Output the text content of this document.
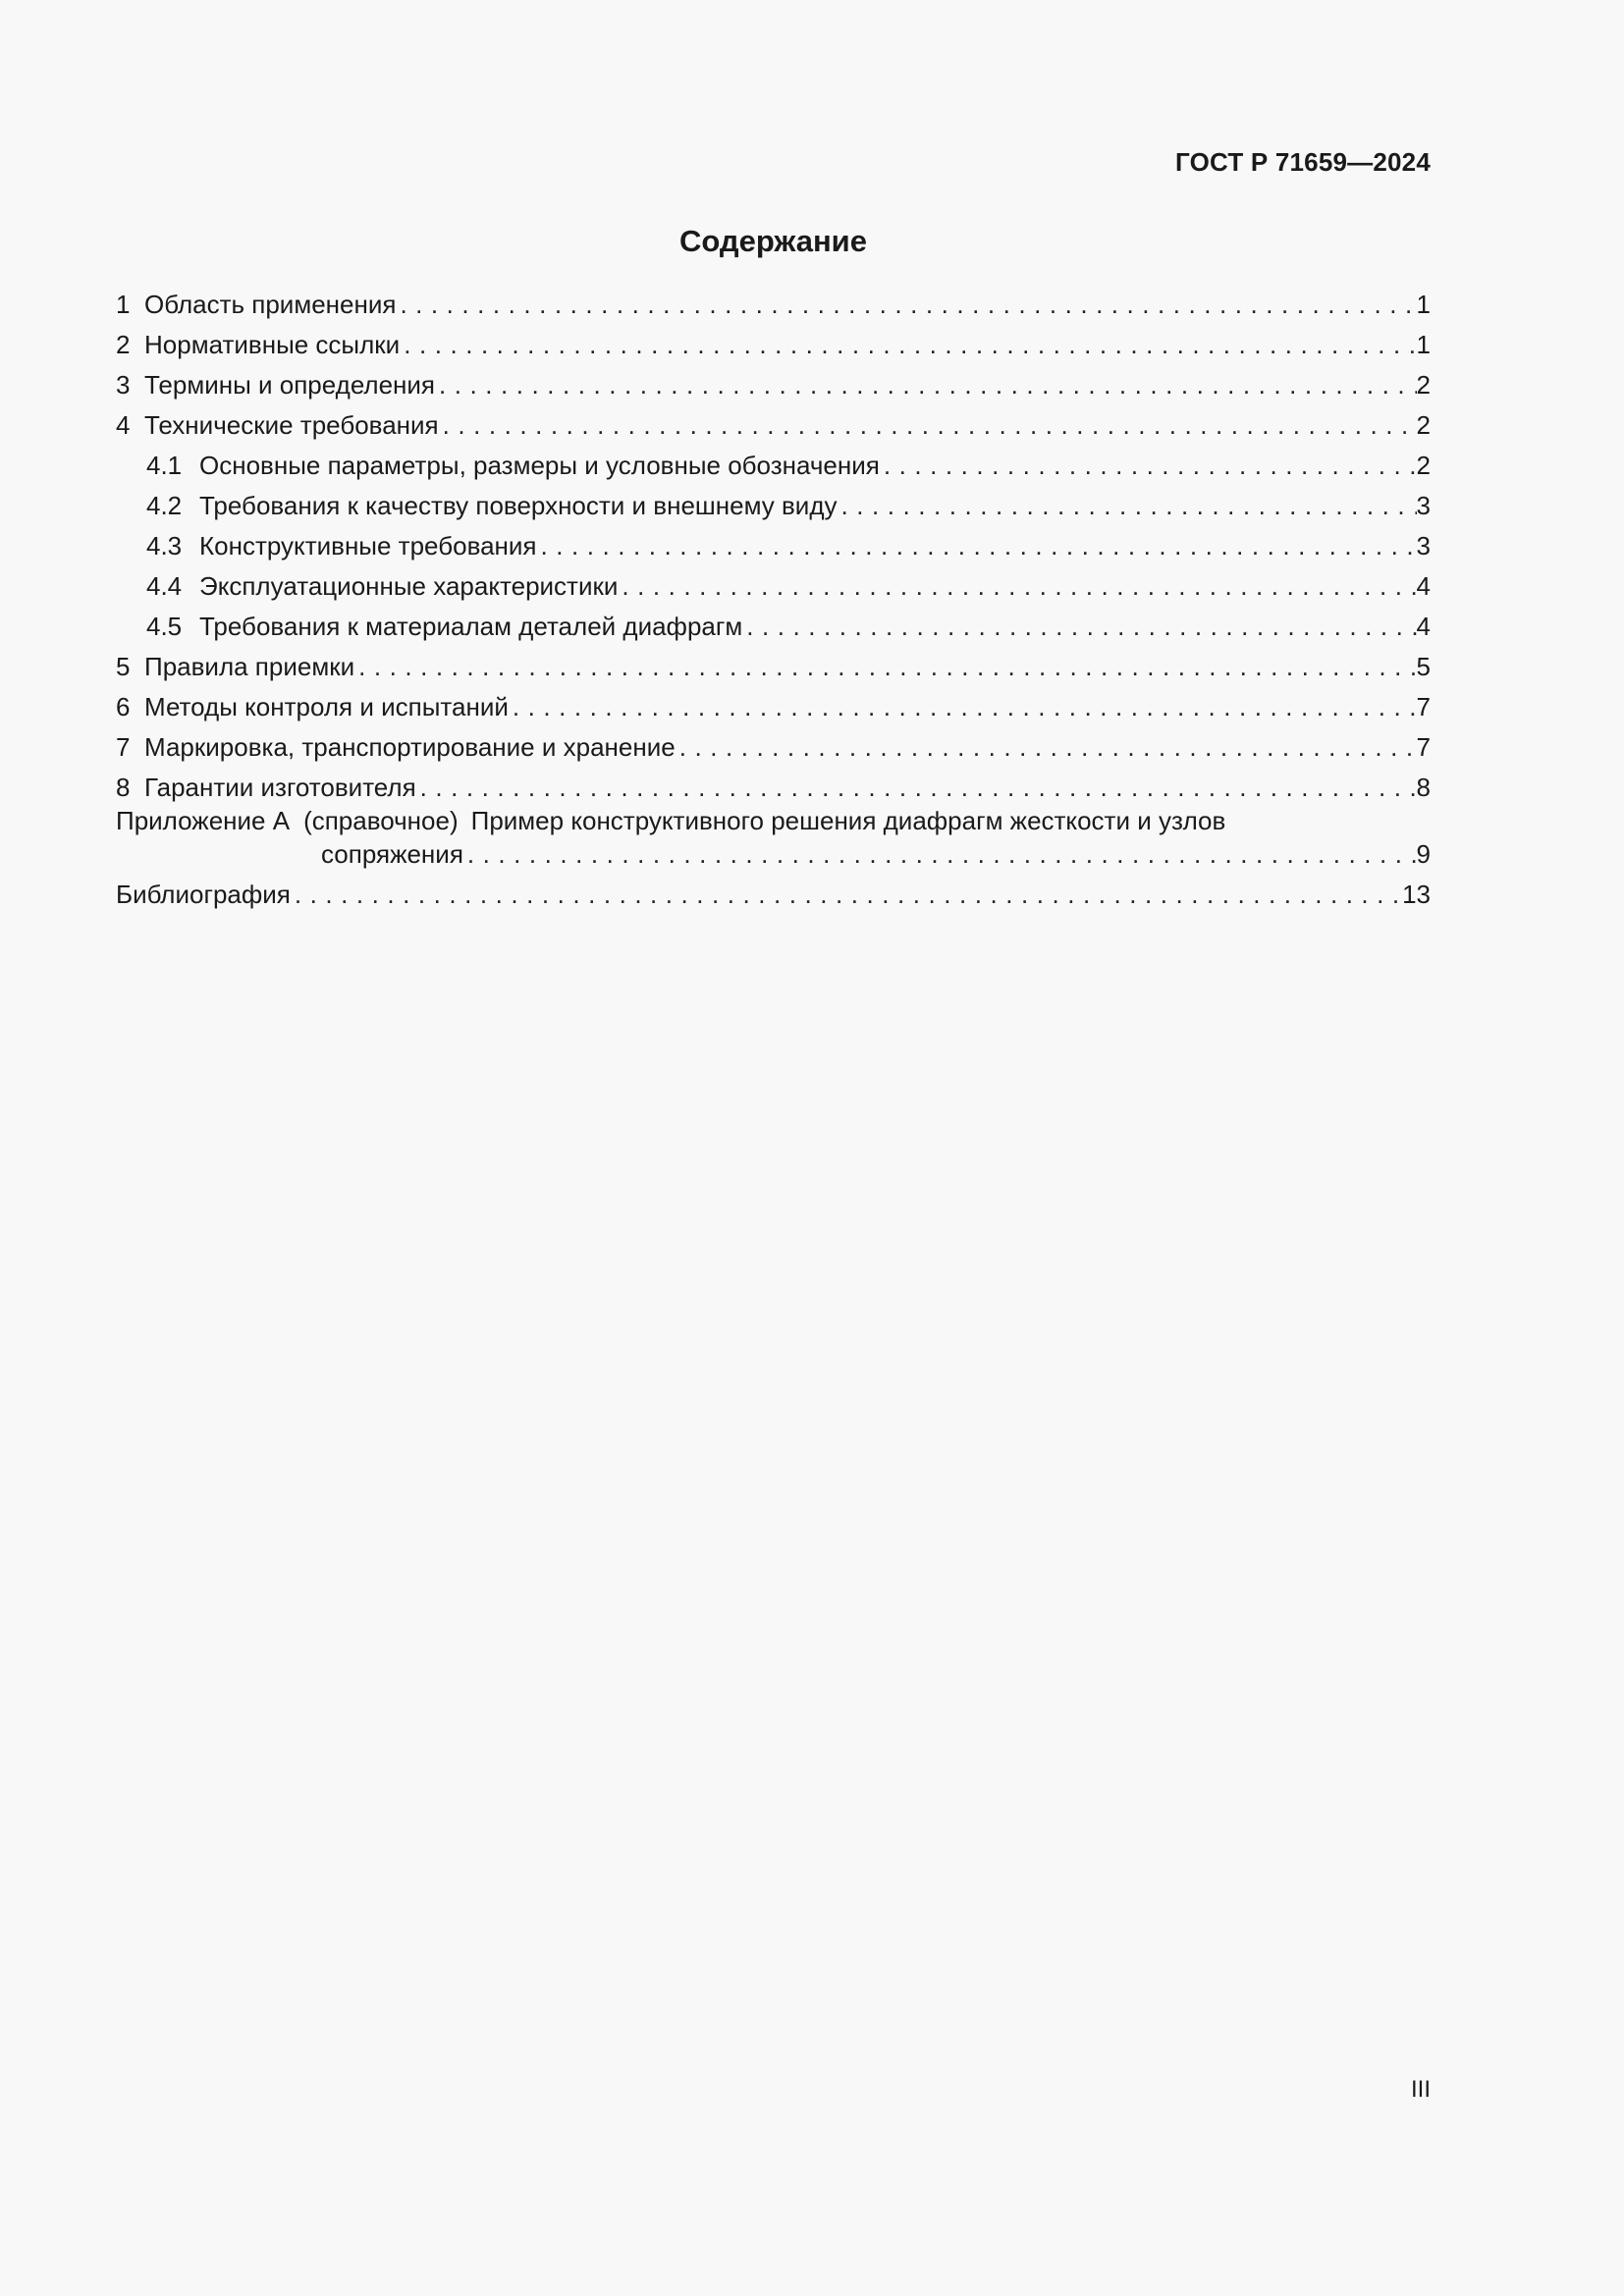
ГОСТ Р 71659—2024
Содержание
1 Область применения . . .	1
2 Нормативные ссылки . . .	1
3 Термины и определения . . .	2
4 Технические требования . . .	2
4.1 Основные параметры, размеры и условные обозначения . . .	2
4.2 Требования к качеству поверхности и внешнему виду . . .	3
4.3 Конструктивные требования . . .	3
4.4 Эксплуатационные характеристики . . .	4
4.5 Требования к материалам деталей диафрагм . . .	4
5 Правила приемки . . .	5
6 Методы контроля и испытаний . . .	7
7 Маркировка, транспортирование и хранение . . .	7
8 Гарантии изготовителя . . .	8
Приложение А (справочное) Пример конструктивного решения диафрагм жесткости и узлов
сопряжения . . .	9
Библиография . . .	13
III
